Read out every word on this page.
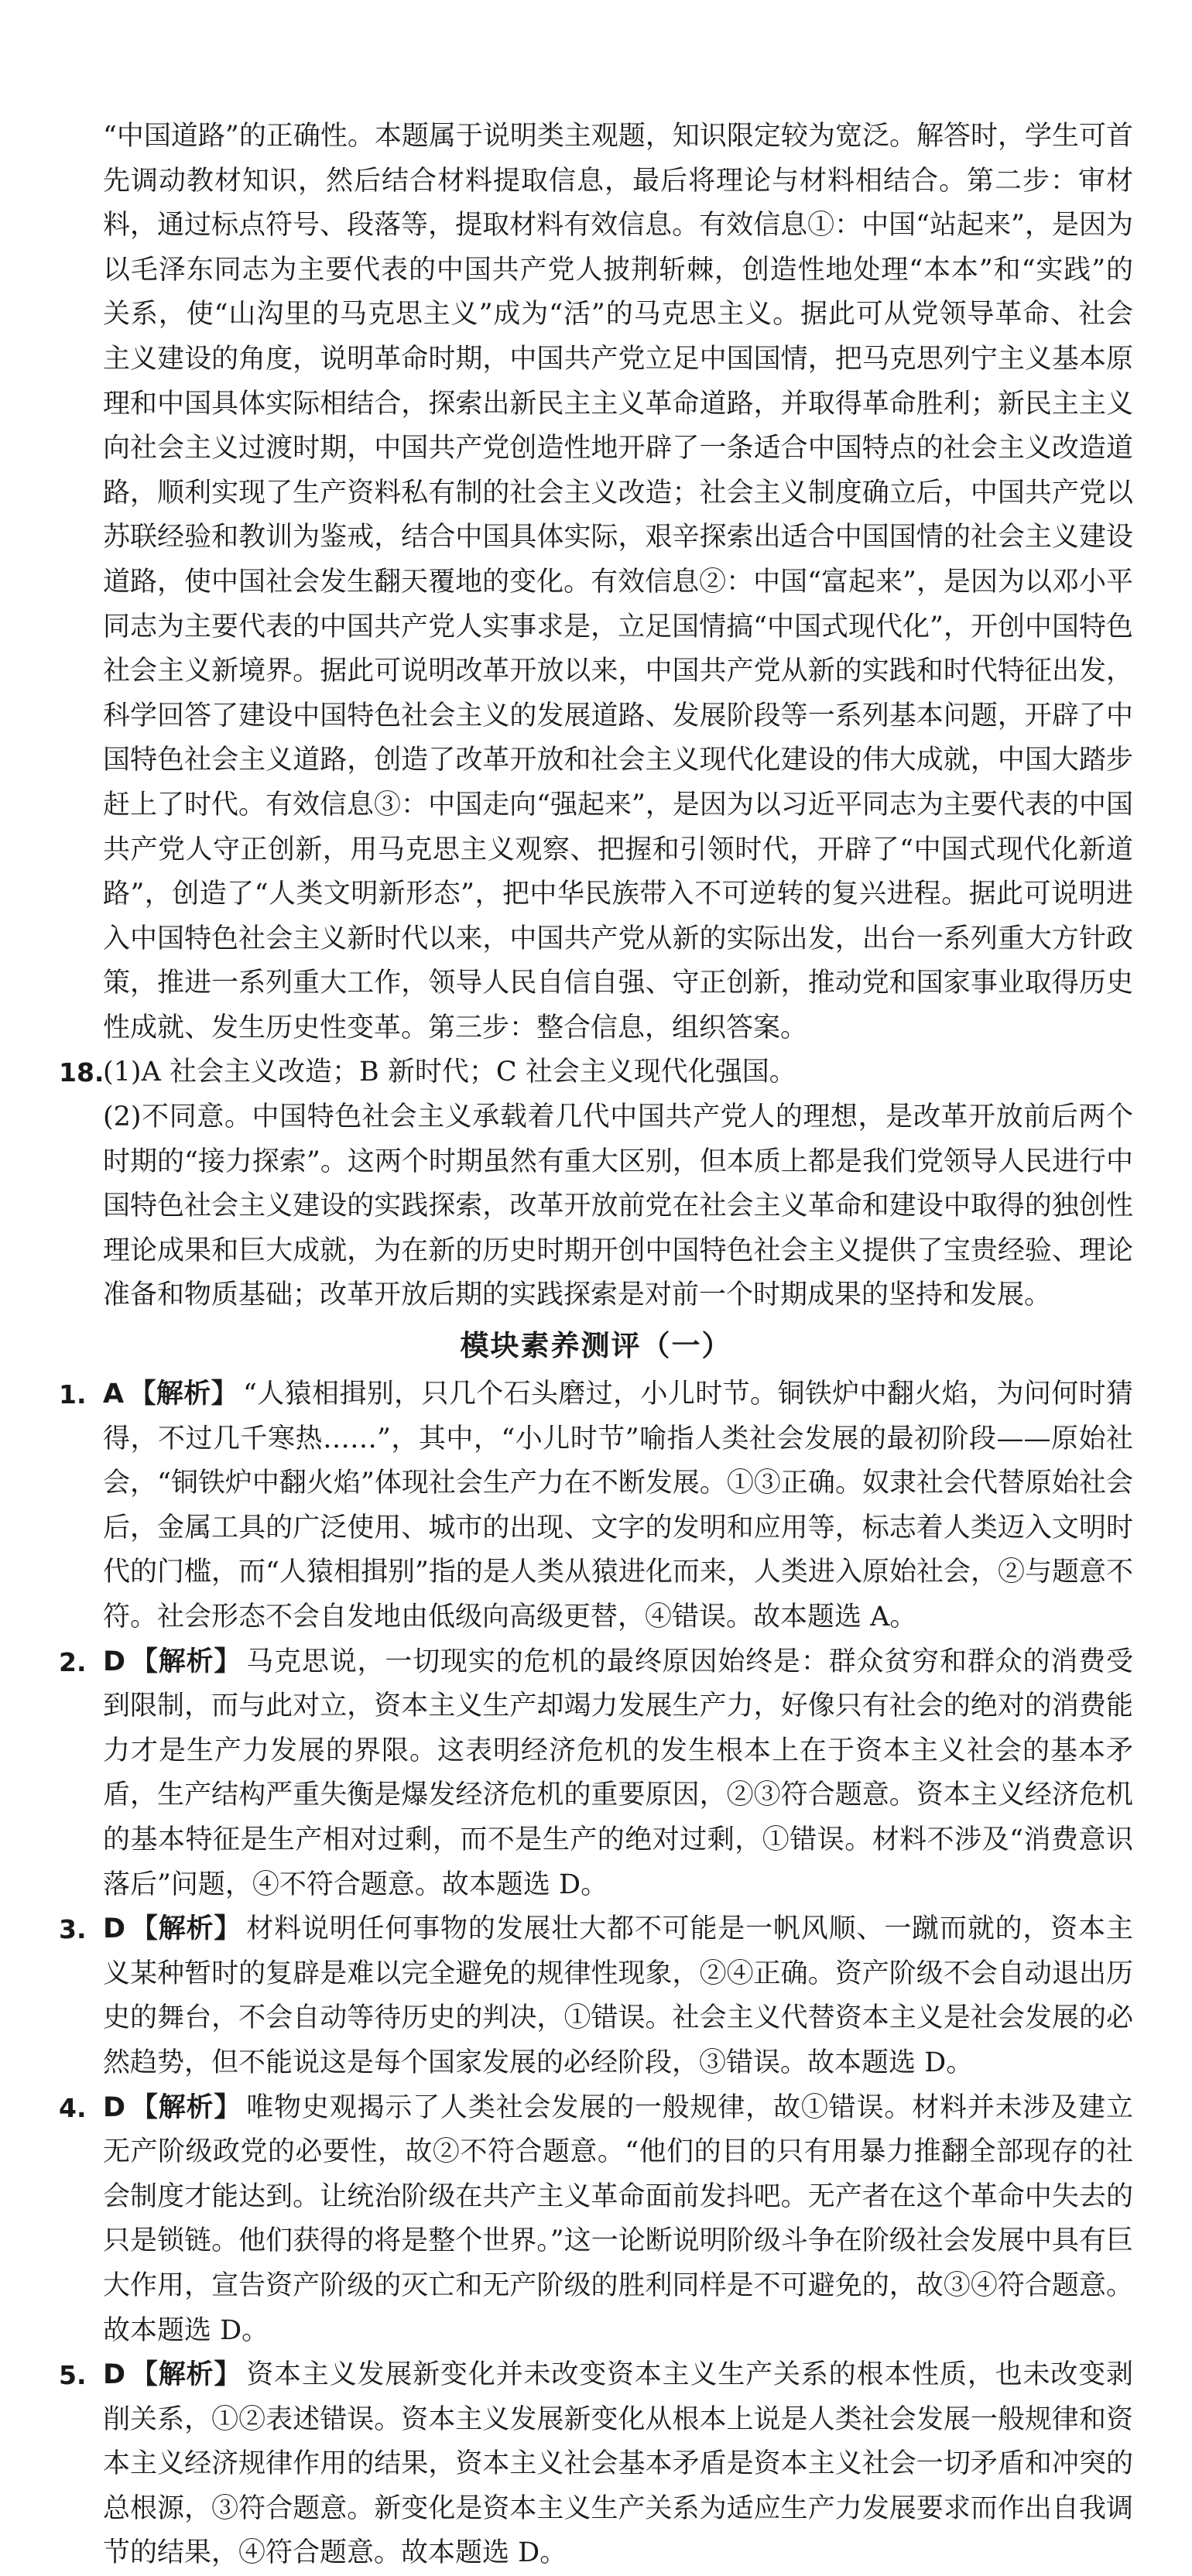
“中国道路”的正确性。本题属于说明类主观题，知识限定较为宽泛。解答时，学生可首先调动教材知识，然后结合材料提取信息，最后将理论与材料相结合。第二步：审材料，通过标点符号、段落等，提取材料有效信息。有效信息①：中国“站起来”，是因为以毛泽东同志为主要代表的中国共产党人披荆斩棘，创造性地处理“本本”和“实践”的关系，使“山沟里的马克思主义”成为“活”的马克思主义。据此可从党领导革命、社会主义建设的角度，说明革命时期，中国共产党立足中国国情，把马克思列宁主义基本原理和中国具体实际相结合，探索出新民主主义革命道路，并取得革命胜利；新民主主义向社会主义过渡时期，中国共产党创造性地开辟了一条适合中国特点的社会主义改造道路，顺利实现了生产资料私有制的社会主义改造；社会主义制度确立后，中国共产党以苏联经验和教训为鉴戒，结合中国具体实际，艰辛探索出适合中国国情的社会主义建设道路，使中国社会发生翻天覆地的变化。有效信息②：中国“富起来”，是因为以邓小平同志为主要代表的中国共产党人实事求是，立足国情搞“中国式现代化”，开创中国特色社会主义新境界。据此可说明改革开放以来，中国共产党从新的实践和时代特征出发，科学回答了建设中国特色社会主义的发展道路、发展阶段等一系列基本问题，开辟了中国特色社会主义道路，创造了改革开放和社会主义现代化建设的伟大成就，中国大踏步赶上了时代。有效信息③：中国走向“强起来”，是因为以习近平同志为主要代表的中国共产党人守正创新，用马克思主义观察、把握和引领时代，开辟了“中国式现代化新道路”，创造了“人类文明新形态”，把中华民族带入不可逆转的复兴进程。据此可说明进入中国特色社会主义新时代以来，中国共产党从新的实际出发，出台一系列重大方针政策，推进一系列重大工作，领导人民自信自强、守正创新，推动党和国家事业取得历史性成就、发生历史性变革。第三步：整合信息，组织答案。

18.

(1)A 社会主义改造；B 新时代；C 社会主义现代化强国。

(2)不同意。中国特色社会主义承载着几代中国共产党人的理想，是改革开放前后两个时期的“接力探索”。这两个时期虽然有重大区别，但本质上都是我们党领导人民进行中国特色社会主义建设的实践探索，改革开放前党在社会主义革命和建设中取得的独创性理论成果和巨大成就，为在新的历史时期开创中国特色社会主义提供了宝贵经验、理论准备和物质基础；改革开放后期的实践探索是对前一个时期成果的坚持和发展。

模块素养测评（一）
1. A 【解析】 “人猿相揖别，只几个石头磨过，小儿时节。铜铁炉中翻火焰，为问何时猜得，不过几千寒热……”，其中，“小儿时节”喻指人类社会发展的最初阶段——原始社会，“铜铁炉中翻火焰”体现社会生产力在不断发展。①③正确。奴隶社会代替原始社会后，金属工具的广泛使用、城市的出现、文字的发明和应用等，标志着人类迈入文明时代的门槛，而“人猿相揖别”指的是人类从猿进化而来，人类进入原始社会，②与题意不符。社会形态不会自发地由低级向高级更替，④错误。故本题选 A。

2. D 【解析】 马克思说，一切现实的危机的最终原因始终是：群众贫穷和群众的消费受到限制，而与此对立，资本主义生产却竭力发展生产力，好像只有社会的绝对的消费能力才是生产力发展的界限。这表明经济危机的发生根本上在于资本主义社会的基本矛盾，生产结构严重失衡是爆发经济危机的重要原因，②③符合题意。资本主义经济危机的基本特征是生产相对过剩，而不是生产的绝对过剩，①错误。材料不涉及“消费意识落后”问题，④不符合题意。故本题选 D。

3. D 【解析】 材料说明任何事物的发展壮大都不可能是一帆风顺、一蹴而就的，资本主义某种暂时的复辟是难以完全避免的规律性现象，②④正确。资产阶级不会自动退出历史的舞台，不会自动等待历史的判决，①错误。社会主义代替资本主义是社会发展的必然趋势，但不能说这是每个国家发展的必经阶段，③错误。故本题选 D。

4. D 【解析】 唯物史观揭示了人类社会发展的一般规律，故①错误。材料并未涉及建立无产阶级政党的必要性，故②不符合题意。“他们的目的只有用暴力推翻全部现存的社会制度才能达到。让统治阶级在共产主义革命面前发抖吧。无产者在这个革命中失去的只是锁链。他们获得的将是整个世界。”这一论断说明阶级斗争在阶级社会发展中具有巨大作用，宣告资产阶级的灭亡和无产阶级的胜利同样是不可避免的，故③④符合题意。故本题选 D。

5. D 【解析】 资本主义发展新变化并未改变资本主义生产关系的根本性质，也未改变剥削关系，①②表述错误。资本主义发展新变化从根本上说是人类社会发展一般规律和资本主义经济规律作用的结果，资本主义社会基本矛盾是资本主义社会一切矛盾和冲突的总根源，③符合题意。新变化是资本主义生产关系为适应生产力发展要求而作出自我调节的结果，④符合题意。故本题选 D。
